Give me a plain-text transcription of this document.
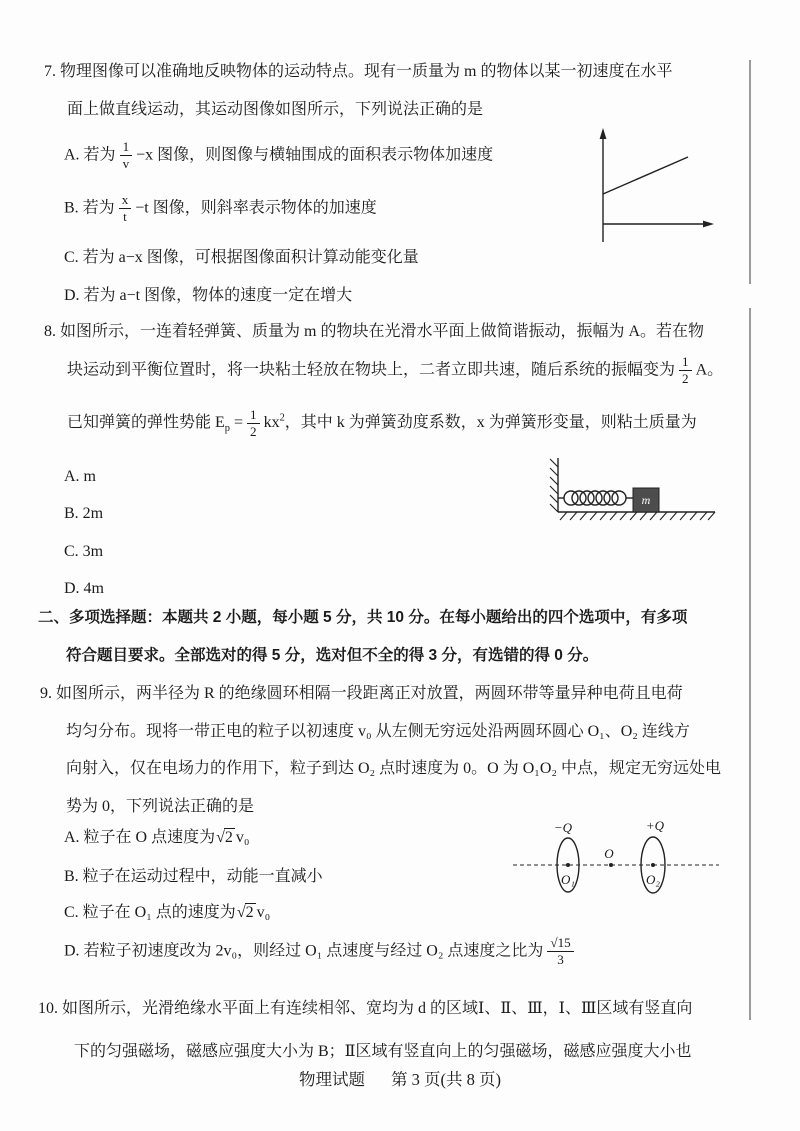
7. 物理图像可以准确地反映物体的运动特点。现有一质量为 m 的物体以某一初速度在水平
面上做直线运动，其运动图像如图所示，下列说法正确的是
A. 若为 $\frac{1}{v} -x$ 图像，则图像与横轴围成的面积表示物体加速度
B. 若为 $\frac{x}{t} -t$ 图像，则斜率表示物体的加速度
C. 若为 a−x 图像，可根据图像面积计算动能变化量
D. 若为 a−t 图像，物体的速度一定在增大
8. 如图所示，一连着轻弹簧、质量为 m 的物块在光滑水平面上做简谐振动，振幅为 A。若在物
块运动到平衡位置时，将一块粘土轻放在物块上，二者立即共速，随后系统的振幅变为 $\frac{1}{2}$ A。
已知弹簧的弹性势能 $E_p = \frac{1}{2} kx^2$，其中 k 为弹簧劲度系数，x 为弹簧形变量，则粘土质量为
A. m
B. 2m
C. 3m
D. 4m
m
二、多项选择题：本题共 2 小题，每小题 5 分，共 10 分。在每小题给出的四个选项中，有多项
符合题目要求。全部选对的得 5 分，选对但不全的得 3 分，有选错的得 0 分。
9. 如图所示，两半径为 R 的绝缘圆环相隔一段距离正对放置，两圆环带等量异种电荷且电荷
均匀分布。现将一带正电的粒子以初速度 v₀ 从左侧无穷远处沿两圆环圆心 O₁、O₂ 连线方
向射入，仅在电场力的作用下，粒子到达 O₂ 点时速度为 0。O 为 O₁O₂ 中点，规定无穷远处电
势为 0，下列说法正确的是
A. 粒子在 O 点速度为√2 v₀
B. 粒子在运动过程中，动能一直减小
C. 粒子在 O₁ 点的速度为√2 v₀
D. 若粒子初速度改为 2v₀，则经过 O₁ 点速度与经过 O₂ 点速度之比为 $\frac{√15}{3}$
−Q	+Q
O
O₁	O₂
10. 如图所示，光滑绝缘水平面上有连续相邻、宽均为 d 的区域Ⅰ、Ⅱ、Ⅲ，Ⅰ、Ⅲ区域有竖直向
下的匀强磁场，磁感应强度大小为 B；Ⅱ区域有竖直向上的匀强磁场，磁感应强度大小也
物理试题 第 3 页(共 8 页)
